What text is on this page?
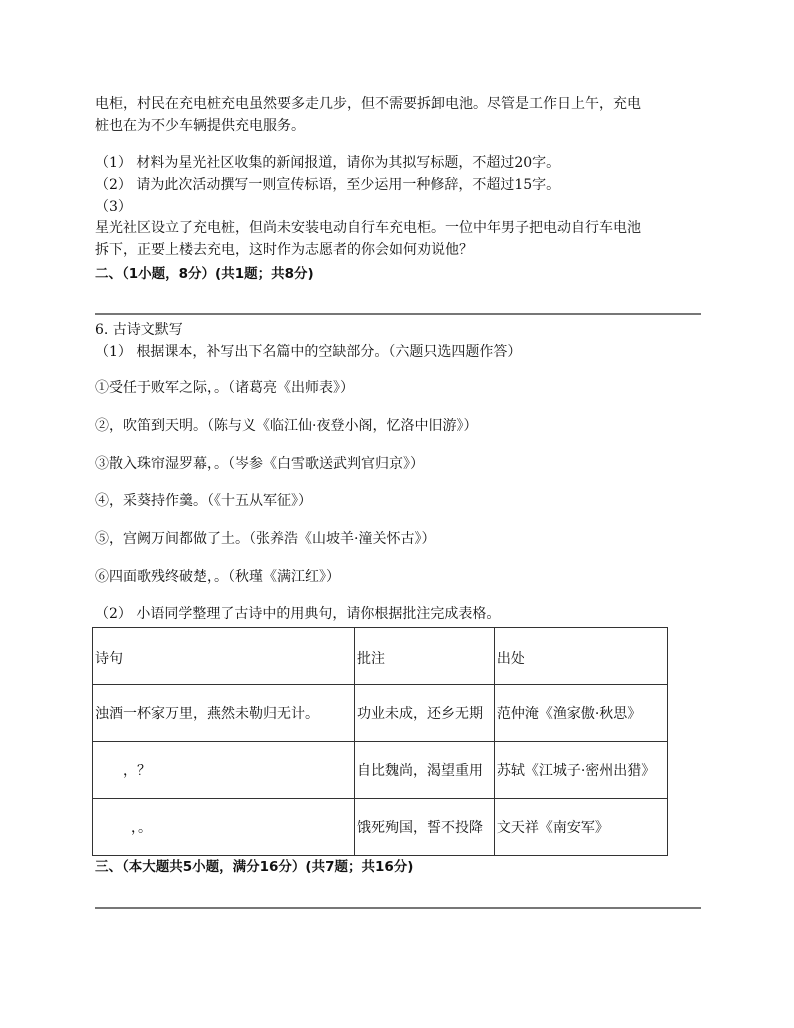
电柜，村民在充电桩充电虽然要多走几步，但不需要拆卸电池。尽管是工作日上午，充电
桩也在为不少车辆提供充电服务。
（1） 材料为星光社区收集的新闻报道，请你为其拟写标题，不超过20字。
（2） 请为此次活动撰写一则宣传标语，至少运用一种修辞，不超过15字。
（3）
星光社区设立了充电桩，但尚未安装电动自行车充电柜。一位中年男子把电动自行车电池
拆下，正要上楼去充电，这时作为志愿者的你会如何劝说他？
二、（1小题，8分）(共1题；共8分)
6. 古诗文默写
（1） 根据课本，补写出下名篇中的空缺部分。（六题只选四题作答）
①受任于败军之际，。（诸葛亮《出师表》）
②，吹笛到天明。（陈与义《临江仙·夜登小阁，忆洛中旧游》）
③散入珠帘湿罗幕，。（岑参《白雪歌送武判官归京》）
④，采葵持作羹。（《十五从军征》）
⑤，宫阙万间都做了土。（张养浩《山坡羊·潼关怀古》）
⑥四面歌残终破楚，。（秋瑾《满江红》）
（2） 小语同学整理了古诗中的用典句，请你根据批注完成表格。
诗句	批注	出处
浊酒一杯家万里，燕然未勒归无计。	功业未成，还乡无期	范仲淹《渔家傲·秋思》
，？	自比魏尚，渴望重用	苏轼《江城子·密州出猎》
，。	饿死殉国，誓不投降	文天祥《南安军》
三、（本大题共5小题，满分16分）(共7题；共16分)
